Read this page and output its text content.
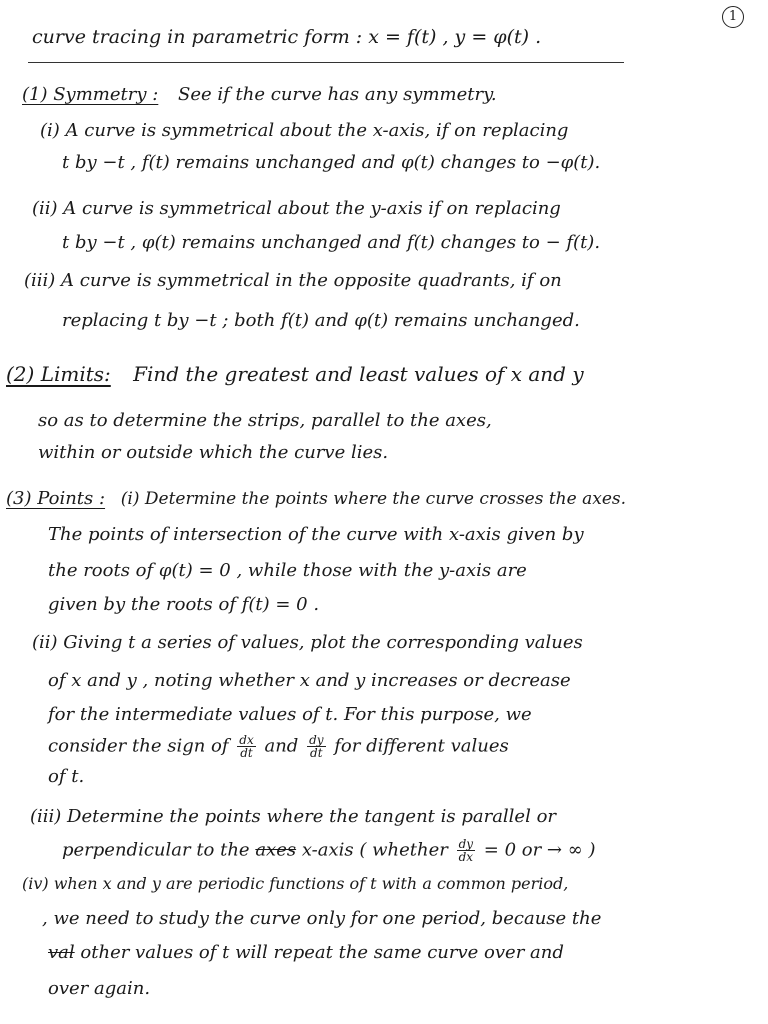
1
curve tracing in parametric form : x = f(t) , y = φ(t) .
(1) Symmetry : See if the curve has any symmetry.
(i) A curve is symmetrical about the x-axis, if on replacing
t by −t , f(t) remains unchanged and φ(t) changes to −φ(t).
(ii) A curve is symmetrical about the y-axis if on replacing
t by −t , φ(t) remains unchanged and f(t) changes to − f(t).
(iii) A curve is symmetrical in the opposite quadrants, if on
replacing t by −t ; both f(t) and φ(t) remains unchanged.
(2) Limits: Find the greatest and least values of x and y
so as to determine the strips, parallel to the axes,
within or outside which the curve lies.
(3) Points : (i) Determine the points where the curve crosses the axes.
The points of intersection of the curve with x-axis given by
the roots of φ(t) = 0 , while those with the y-axis are
given by the roots of f(t) = 0 .
(ii) Giving t a series of values, plot the corresponding values
of x and y , noting whether x and y increases or decrease
for the intermediate values of t. For this purpose, we
consider the sign of $\frac{dx}{dt}$ and $\frac{dy}{dt}$ for different values
of t.
(iii) Determine the points where the tangent is parallel or
perpendicular to the axes x-axis ( whether $\frac{dy}{dx} = 0$ or → ∞ )
(iv) when x and y are periodic functions of t with a common period,
, we need to study the curve only for one period, because the
val other values of t will repeat the same curve over and
over again.
